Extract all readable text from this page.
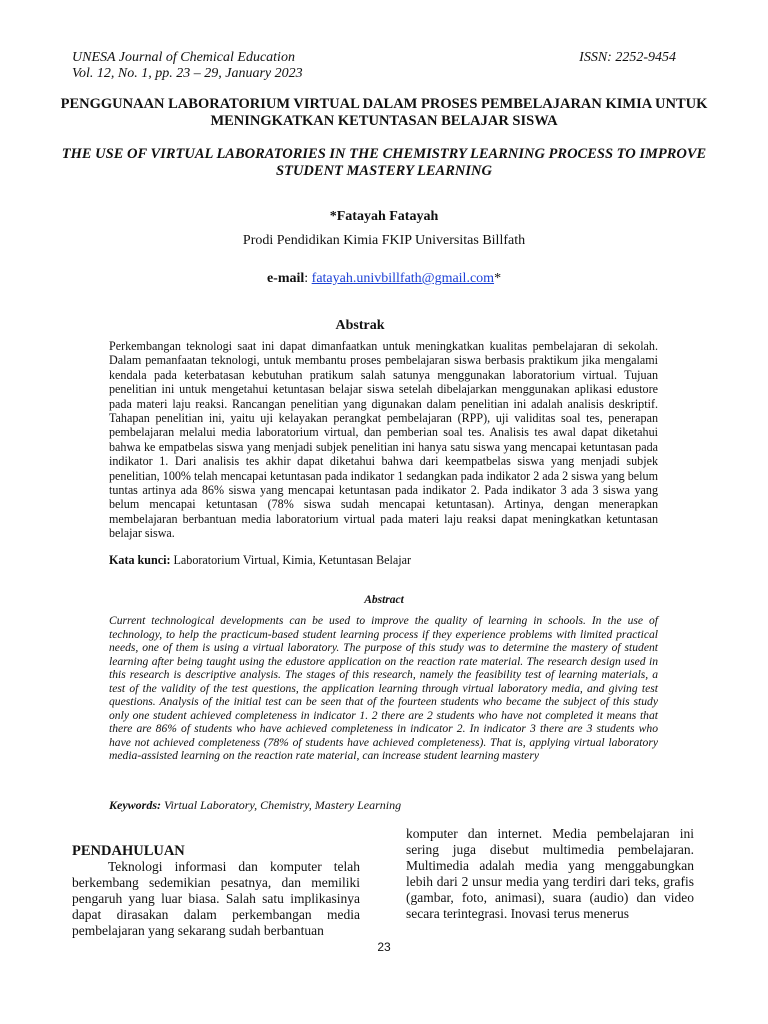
UNESA Journal of Chemical Education
Vol. 12, No. 1, pp. 23 – 29, January 2023
ISSN: 2252-9454
PENGGUNAAN LABORATORIUM VIRTUAL DALAM PROSES PEMBELAJARAN KIMIA UNTUK MENINGKATKAN KETUNTASAN BELAJAR SISWA
THE USE OF VIRTUAL LABORATORIES IN THE CHEMISTRY LEARNING PROCESS TO IMPROVE STUDENT MASTERY LEARNING
*Fatayah Fatayah
Prodi Pendidikan Kimia FKIP Universitas Billfath
e-mail: fatayah.univbillfath@gmail.com*
Abstrak
Perkembangan teknologi saat ini dapat dimanfaatkan untuk meningkatkan kualitas pembelajaran di sekolah. Dalam pemanfaatan teknologi, untuk membantu proses pembelajaran siswa berbasis praktikum jika mengalami kendala pada keterbatasan kebutuhan pratikum salah satunya menggunakan laboratorium virtual. Tujuan penelitian ini untuk mengetahui ketuntasan belajar siswa setelah dibelajarkan menggunakan aplikasi edustore pada materi laju reaksi. Rancangan penelitian yang digunakan dalam penelitian ini adalah analisis deskriptif. Tahapan penelitian ini, yaitu uji kelayakan perangkat pembelajaran (RPP), uji validitas soal tes, penerapan pembelajaran melalui media laboratorium virtual, dan pemberian soal tes. Analisis tes awal dapat diketahui bahwa ke empatbelas siswa yang menjadi subjek penelitian ini hanya satu siswa yang mencapai ketuntasan pada indikator 1. Dari analisis tes akhir dapat diketahui bahwa dari keempatbelas siswa yang menjadi subjek penelitian, 100% telah mencapai ketuntasan pada indikator 1 sedangkan pada indikator 2 ada 2 siswa yang belum tuntas artinya ada 86% siswa yang mencapai ketuntasan pada indikator 2. Pada indikator 3 ada 3 siswa yang belum mencapai ketuntasan (78% siswa sudah mencapai ketuntasan). Artinya, dengan menerapkan membelajaran berbantuan media laboratorium virtual pada materi laju reaksi dapat meningkatkan ketuntasan belajar siswa.
Kata kunci: Laboratorium Virtual, Kimia, Ketuntasan Belajar
Abstract
Current technological developments can be used to improve the quality of learning in schools. In the use of technology, to help the practicum-based student learning process if they experience problems with limited practical needs, one of them is using a virtual laboratory. The purpose of this study was to determine the mastery of student learning after being taught using the edustore application on the reaction rate material. The research design used in this research is descriptive analysis. The stages of this research, namely the feasibility test of learning materials, a test of the validity of the test questions, the application learning through virtual laboratory media, and giving test questions. Analysis of the initial test can be seen that of the fourteen students who became the subject of this study only one student achieved completeness in indicator 1. 2 there are 2 students who have not completed it means that there are 86% of students who have achieved completeness in indicator 2. In indicator 3 there are 3 students who have not achieved completeness (78% of students have achieved completeness). That is, applying virtual laboratory media-assisted learning on the reaction rate material, can increase student learning mastery
Keywords: Virtual Laboratory, Chemistry, Mastery Learning
PENDAHULUAN
Teknologi informasi dan komputer telah berkembang sedemikian pesatnya, dan memiliki pengaruh yang luar biasa. Salah satu implikasinya dapat dirasakan dalam perkembangan media pembelajaran yang sekarang sudah berbantuan
komputer dan internet. Media pembelajaran ini sering juga disebut multimedia pembelajaran. Multimedia adalah media yang menggabungkan lebih dari 2 unsur media yang terdiri dari teks, grafis (gambar, foto, animasi), suara (audio) dan video secara terintegrasi. Inovasi terus menerus
23
